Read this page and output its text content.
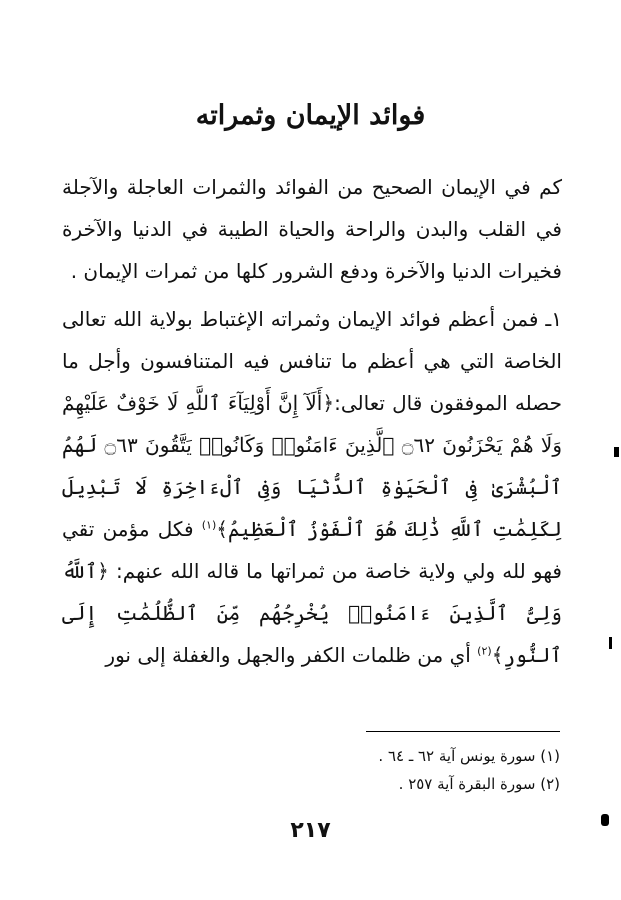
فوائد الإيمان وثمراته

كم في الإيمان الصحيح من الفوائد والثمرات العاجلة والآجلة في القلب والبدن والراحة والحياة الطيبة في الدنيا والآخرة فخيرات الدنيا والآخرة ودفع الشرور كلها من ثمرات الإيمان .

١ـ فمن أعظم فوائد الإيمان وثمراته الإغتباط بولاية الله تعالى الخاصة التي هي أعظم ما تنافس فيه المتنافسون وأجل ما حصله الموفقون قال تعالى:﴿أَلَآ إِنَّ أَوْلِيَآءَ ٱللَّهِ لَا خَوْفٌ عَلَيْهِمْ وَلَا هُمْ يَحْزَنُونَ ۝٦٢ ٱلَّذِينَ ءَامَنُوا۟ وَكَانُوا۟ يَتَّقُونَ ۝٦٣ لَهُمُ ٱلْبُشْرَىٰ فِى ٱلْحَيَوٰةِ ٱلدُّنْيَا وَفِى ٱلْءَاخِرَةِ لَا تَبْدِيلَ لِكَلِمَٰتِ ٱللَّهِ ذَٰلِكَ هُوَ ٱلْفَوْزُ ٱلْعَظِيمُ﴾$^{(١)}$ فكل مؤمن تقي فهو لله ولي ولاية خاصة من ثمراتها ما قاله الله عنهم: ﴿ٱللَّهُ وَلِىُّ ٱلَّذِينَ ءَامَنُوا۟ يُخْرِجُهُم مِّنَ ٱلظُّلُمَٰتِ إِلَى ٱلنُّورِ﴾$^{(٢)}$ أي من ظلمات الكفر والجهل والغفلة إلى نور

(١) سورة يونس آية ٦٢ ـ ٦٤ .

(٢) سورة البقرة آية ٢٥٧ .

٢١٧
